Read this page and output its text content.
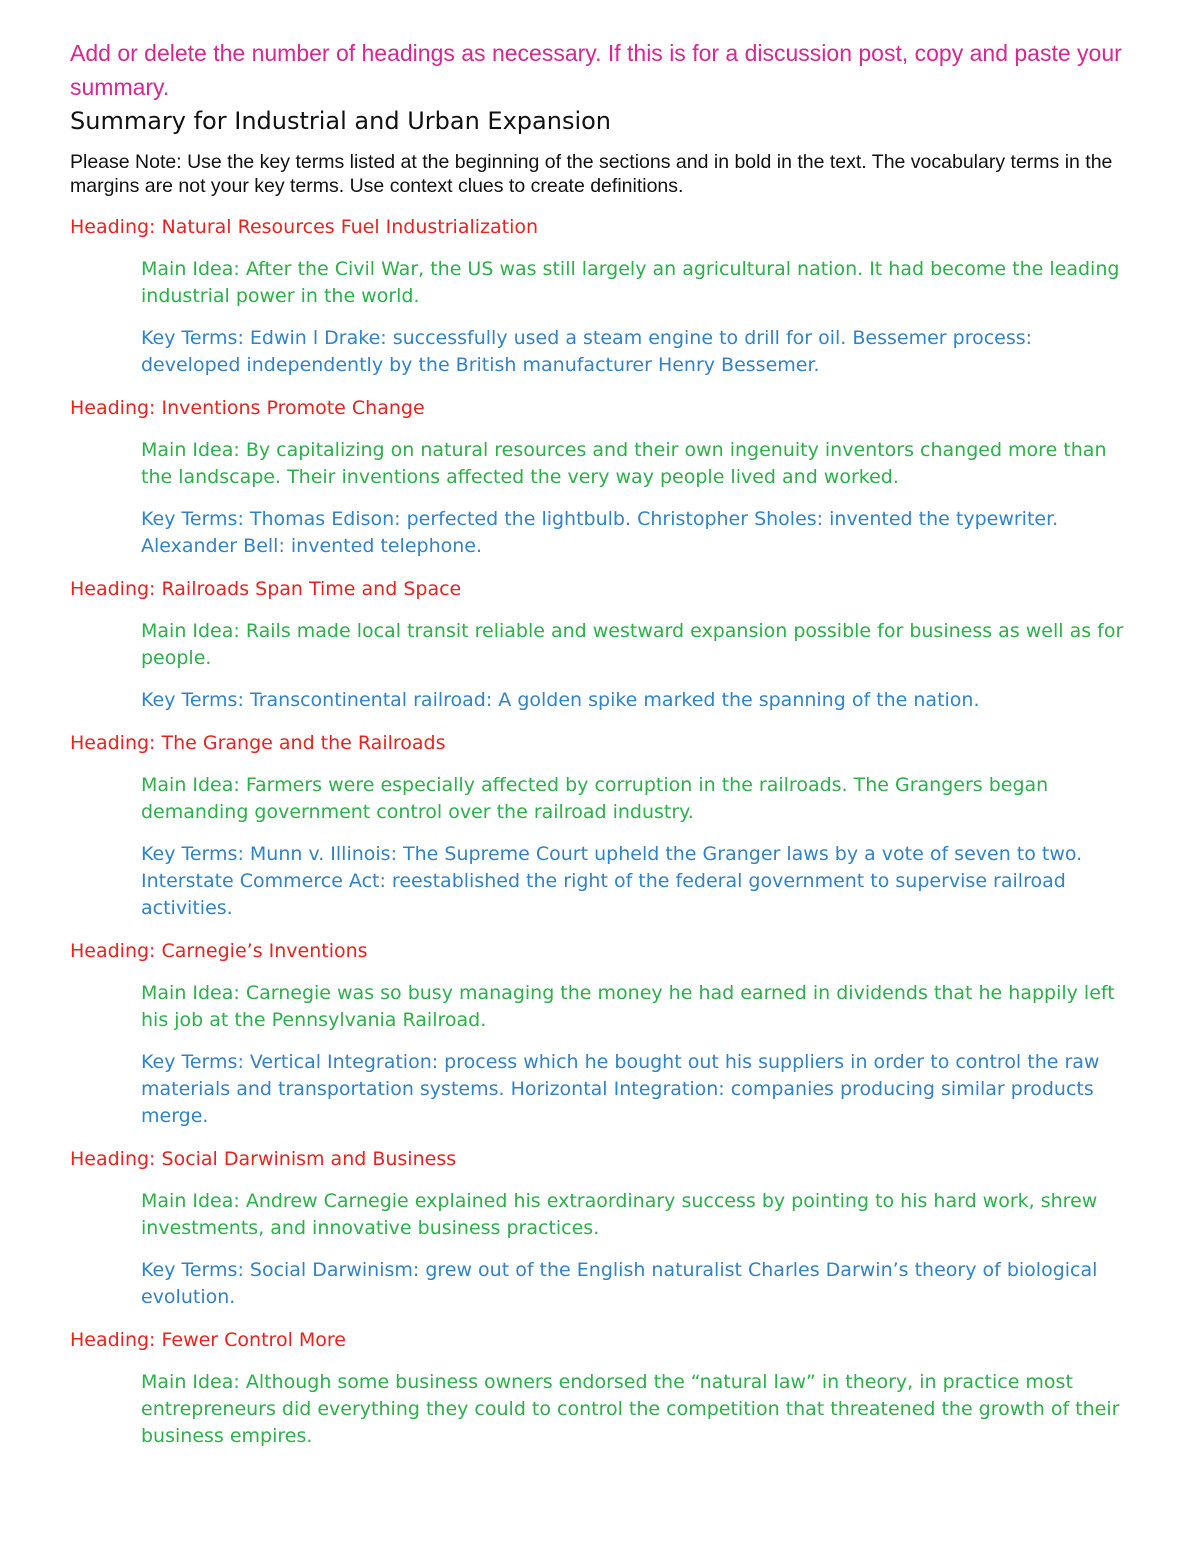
Add or delete the number of headings as necessary. If this is for a discussion post, copy and paste your summary.

Summary for Industrial and Urban Expansion

Please Note: Use the key terms listed at the beginning of the sections and in bold in the text. The vocabulary terms in the margins are not your key terms. Use context clues to create definitions.

Heading: Natural Resources Fuel Industrialization

Main Idea: After the Civil War, the US was still largely an agricultural nation. It had become the leading industrial power in the world.

Key Terms: Edwin l Drake: successfully used a steam engine to drill for oil. Bessemer process: developed independently by the British manufacturer Henry Bessemer.

Heading: Inventions Promote Change

Main Idea: By capitalizing on natural resources and their own ingenuity inventors changed more than the landscape. Their inventions affected the very way people lived and worked.

Key Terms: Thomas Edison: perfected the lightbulb. Christopher Sholes: invented the typewriter. Alexander Bell: invented telephone.

Heading: Railroads Span Time and Space

Main Idea: Rails made local transit reliable and westward expansion possible for business as well as for people.

Key Terms: Transcontinental railroad: A golden spike marked the spanning of the nation.

Heading: The Grange and the Railroads

Main Idea: Farmers were especially affected by corruption in the railroads. The Grangers began demanding government control over the railroad industry.

Key Terms: Munn v. Illinois: The Supreme Court upheld the Granger laws by a vote of seven to two. Interstate Commerce Act: reestablished the right of the federal government to supervise railroad activities.

Heading: Carnegie’s Inventions

Main Idea: Carnegie was so busy managing the money he had earned in dividends that he happily left his job at the Pennsylvania Railroad.

Key Terms: Vertical Integration: process which he bought out his suppliers in order to control the raw materials and transportation systems. Horizontal Integration: companies producing similar products merge.

Heading: Social Darwinism and Business

Main Idea: Andrew Carnegie explained his extraordinary success by pointing to his hard work, shrew investments, and innovative business practices.

Key Terms: Social Darwinism: grew out of the English naturalist Charles Darwin’s theory of biological evolution.

Heading: Fewer Control More

Main Idea: Although some business owners endorsed the “natural law” in theory, in practice most entrepreneurs did everything they could to control the competition that threatened the growth of their business empires.
